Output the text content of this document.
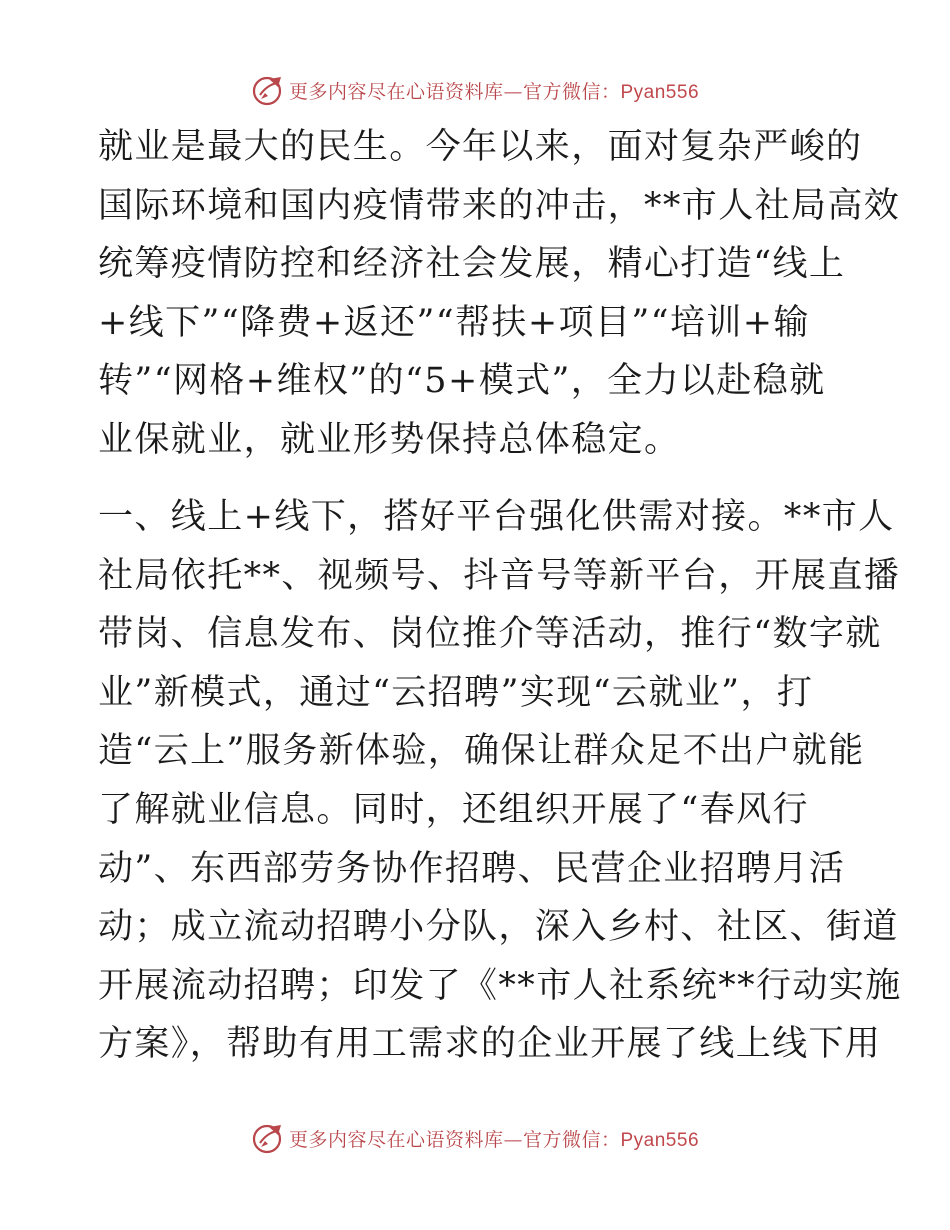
更多内容尽在心语资料库—官方微信：Pyan556
就业是最大的民生。今年以来，面对复杂严峻的
国际环境和国内疫情带来的冲击，**市人社局高效
统筹疫情防控和经济社会发展，精心打造“线上
+线下”“降费+返还”“帮扶+项目”“培训+输
转”“网格+维权”的“5+模式”，全力以赴稳就
业保就业，就业形势保持总体稳定。
一、线上+线下，搭好平台强化供需对接。**市人
社局依托**、视频号、抖音号等新平台，开展直播
带岗、信息发布、岗位推介等活动，推行“数字就
业”新模式，通过“云招聘”实现“云就业”，打
造“云上”服务新体验，确保让群众足不出户就能
了解就业信息。同时，还组织开展了“春风行
动”、东西部劳务协作招聘、民营企业招聘月活
动；成立流动招聘小分队，深入乡村、社区、街道
开展流动招聘；印发了《**市人社系统**行动实施
方案》，帮助有用工需求的企业开展了线上线下用
更多内容尽在心语资料库—官方微信：Pyan556
